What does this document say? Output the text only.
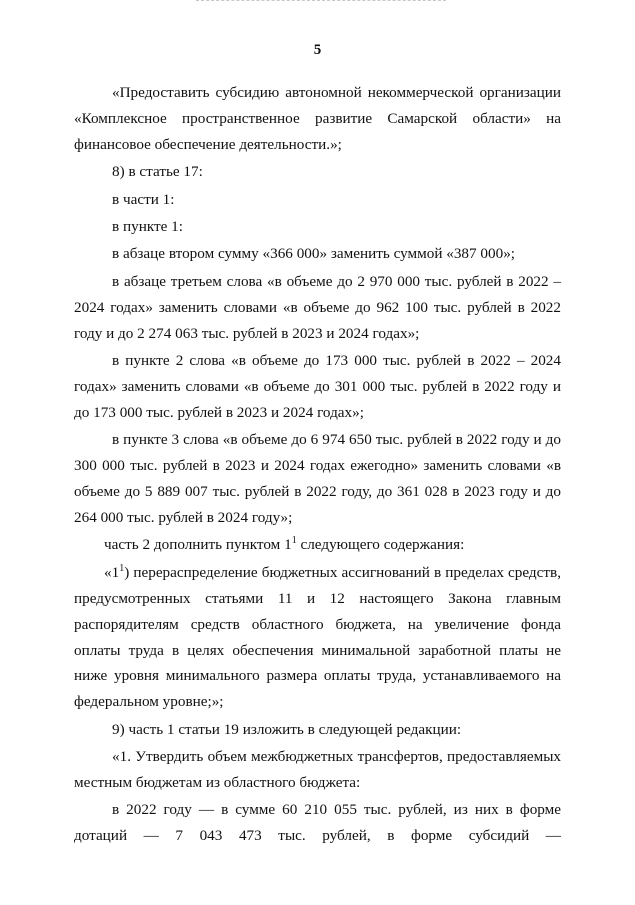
5

«Предоставить субсидию автономной некоммерческой организации «Комплексное пространственное развитие Самарской области» на финансовое обеспечение деятельности.»;

8) в статье 17:

в части 1:

в пункте 1:

в абзаце втором сумму «366 000» заменить суммой «387 000»;

в абзаце третьем слова «в объеме до 2 970 000 тыс. рублей в 2022 – 2024 годах» заменить словами «в объеме до 962 100 тыс. рублей в 2022 году и до 2 274 063 тыс. рублей в 2023 и 2024 годах»;

в пункте 2 слова «в объеме до 173 000 тыс. рублей в 2022 – 2024 годах» заменить словами «в объеме до 301 000 тыс. рублей в 2022 году и до 173 000 тыс. рублей в 2023 и 2024 годах»;

в пункте 3 слова «в объеме до 6 974 650 тыс. рублей в 2022 году и до 300 000 тыс. рублей в 2023 и 2024 годах ежегодно» заменить словами «в объеме до 5 889 007 тыс. рублей в 2022 году, до 361 028 в 2023 году и до 264 000 тыс. рублей в 2024 году»;

часть 2 дополнить пунктом $1^1$ следующего содержания:

«$1^1$) перераспределение бюджетных ассигнований в пределах средств, предусмотренных статьями 11 и 12 настоящего Закона главным распорядителям средств областного бюджета, на увеличение фонда оплаты труда в целях обеспечения минимальной заработной платы не ниже уровня минимального размера оплаты труда, устанавливаемого на федеральном уровне;»;

9) часть 1 статьи 19 изложить в следующей редакции:

«1. Утвердить объем межбюджетных трансфертов, предоставляемых местным бюджетам из областного бюджета:

в 2022 году — в сумме 60 210 055 тыс. рублей, из них в форме дотаций — 7 043 473 тыс. рублей, в форме субсидий —
